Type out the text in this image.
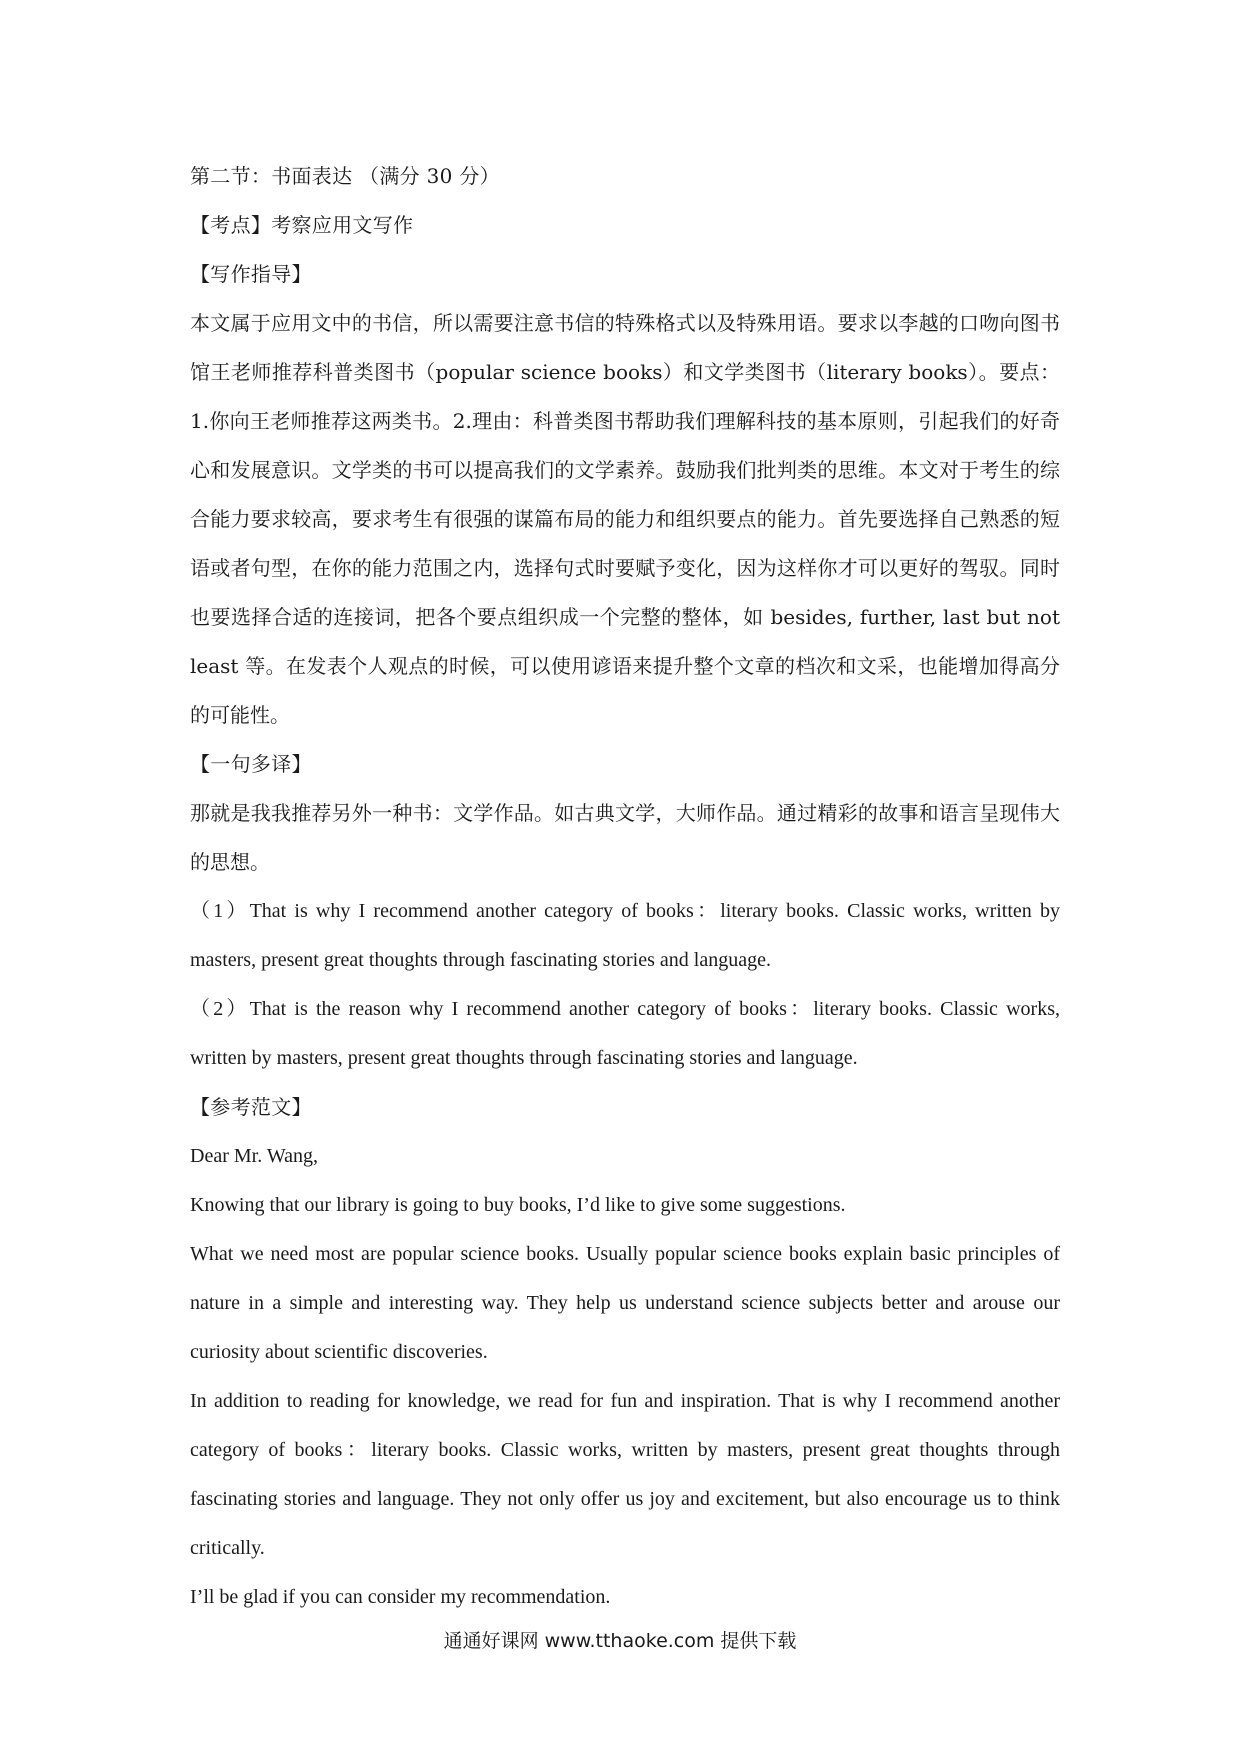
第二节：书面表达 （满分 30 分）
【考点】考察应用文写作
【写作指导】
本文属于应用文中的书信，所以需要注意书信的特殊格式以及特殊用语。要求以李越的口吻向图书馆王老师推荐科普类图书（popular science books）和文学类图书（literary books）。要点：1.你向王老师推荐这两类书。2.理由：科普类图书帮助我们理解科技的基本原则，引起我们的好奇心和发展意识。文学类的书可以提高我们的文学素养。鼓励我们批判类的思维。本文对于考生的综合能力要求较高，要求考生有很强的谋篇布局的能力和组织要点的能力。首先要选择自己熟悉的短语或者句型，在你的能力范围之内，选择句式时要赋予变化，因为这样你才可以更好的驾驭。同时也要选择合适的连接词，把各个要点组织成一个完整的整体，如 besides, further, last but not least 等。在发表个人观点的时候，可以使用谚语来提升整个文章的档次和文采，也能增加得高分的可能性。
【一句多译】
那就是我我推荐另外一种书：文学作品。如古典文学，大师作品。通过精彩的故事和语言呈现伟大的思想。
（1）That is why I recommend another category of books：literary books. Classic works, written by masters, present great thoughts through fascinating stories and language.
（2）That is the reason why I recommend another category of books：literary books. Classic works, written by masters, present great thoughts through fascinating stories and language.
【参考范文】
Dear Mr. Wang,
Knowing that our library is going to buy books, I’d like to give some suggestions.
What we need most are popular science books. Usually popular science books explain basic principles of nature in a simple and interesting way. They help us understand science subjects better and arouse our curiosity about scientific discoveries.
In addition to reading for knowledge, we read for fun and inspiration. That is why I recommend another category of books：literary books. Classic works, written by masters, present great thoughts through fascinating stories and language. They not only offer us joy and excitement, but also encourage us to think critically.
I’ll be glad if you can consider my recommendation.
通通好课网 www.tthaoke.com 提供下载
